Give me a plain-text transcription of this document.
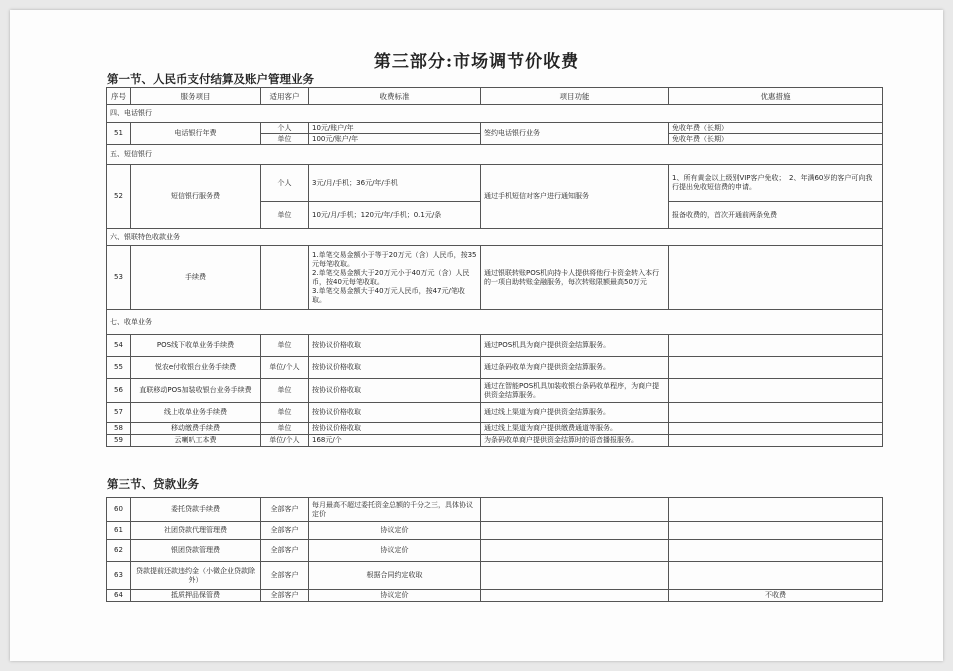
第三部分:市场调节价收费
第一节、人民币支付结算及账户管理业务
序号	服务项目	适用客户	收费标准	项目功能	优惠措施
四、电话银行					
51	电话银行年费	个人	10元/账户/年	签约电话银行业务	免收年费（长期）
		单位	100元/账户/年		免收年费（长期）
五、短信银行					
52	短信银行服务费	个人	3元/月/手机；36元/年/手机	通过手机短信对客户进行通知服务	1、所有黄金以上级别VIP客户免收；　2、年满60岁的客户可向我行提出免收短信费的申请。
		单位	10元/月/手机；120元/年/手机；0.1元/条		报备收费的，首次开通前两条免费
六、银联特色收款业务					
53	手续费		1.单笔交易金额小于等于20万元（含）人民币，按35元每笔收取。
2.单笔交易金额大于20万元小于40万元（含）人民币，按40元每笔收取。
3.单笔交易金额大于40万元人民币，按47元/笔收取。	通过银联转账POS机向持卡人提供将他行卡资金转入本行的一项自助转账金融服务，每次转账限额最高50万元	
七、收单业务					
54	POS线下收单业务手续费	单位	按协议价格收取	通过POS机具为商户提供资金结算服务。	
55	悦农e付收银台业务手续费	单位/个人	按协议价格收取	通过条码收单为商户提供资金结算服务。	
56	直联移动POS加装收银台业务手续费	单位	按协议价格收取	通过在智能POS机具加装收银台条码收单程序，为商户提供资金结算服务。	
57	线上收单业务手续费	单位	按协议价格收取	通过线上渠道为商户提供资金结算服务。	
58	移动缴费手续费	单位	按协议价格收取	通过线上渠道为商户提供缴费通道等服务。	
59	云喇叭工本费	单位/个人	168元/个	为条码收单商户提供资金结算时的语音播报服务。	
第三节、贷款业务
60	委托贷款手续费	全部客户	每月最高不超过委托资金总额的千分之三，具体协议定价		
61	社团贷款代理管理费	全部客户	协议定价		
62	银团贷款管理费	全部客户	协议定价		
63	贷款提前还款违约金（小微企业贷款除外）	全部客户	根据合同约定收取		
64	抵质押品保管费	全部客户	协议定价		不收费
